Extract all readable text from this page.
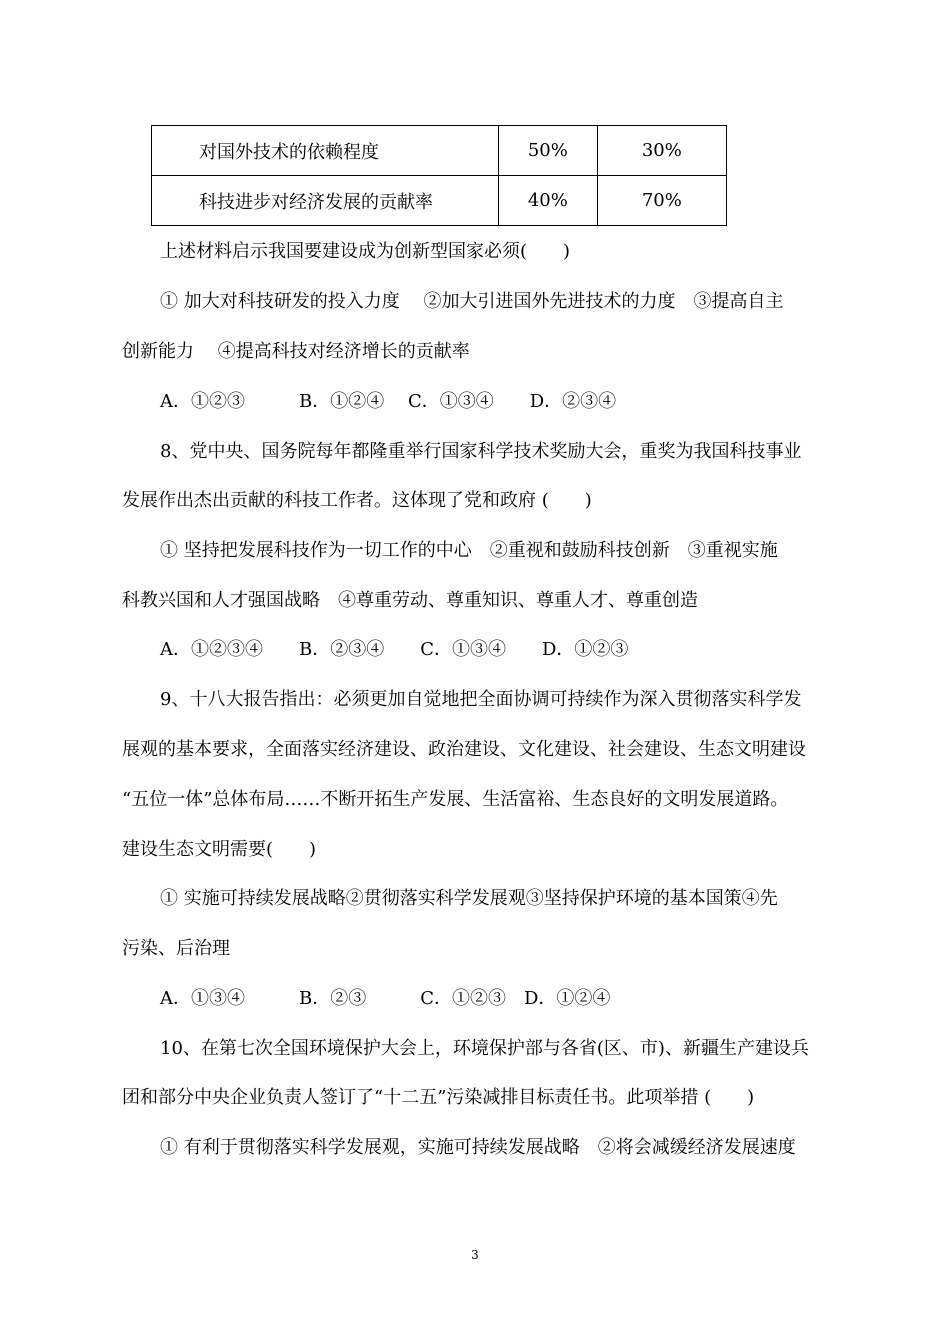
对国外技术的依赖程度	50%	30%
科技进步对经济发展的贡献率	40%	70%
上述材料启示我国要建设成为创新型国家必须(　　)
① 加大对科技研发的投入力度　 ②加大引进国外先进技术的力度　③提高自主
创新能力　 ④提高科技对经济增长的贡献率
A．①②③　　　B．①②④　 C．①③④　　D．②③④
8、党中央、国务院每年都隆重举行国家科学技术奖励大会，重奖为我国科技事业
发展作出杰出贡献的科技工作者。这体现了党和政府 (　　)
① 坚持把发展科技作为一切工作的中心　②重视和鼓励科技创新　③重视实施
科教兴国和人才强国战略　④尊重劳动、尊重知识、尊重人才、尊重创造
A．①②③④　　B．②③④　　C．①③④　　D．①②③
9、十八大报告指出：必须更加自觉地把全面协调可持续作为深入贯彻落实科学发
展观的基本要求，全面落实经济建设、政治建设、文化建设、社会建设、生态文明建设
“五位一体”总体布局……不断开拓生产发展、生活富裕、生态良好的文明发展道路。
建设生态文明需要(　　)
① 实施可持续发展战略②贯彻落实科学发展观③坚持保护环境的基本国策④先
污染、后治理
A．①③④　　　B．②③　　　C．①②③　D．①②④
10、在第七次全国环境保护大会上，环境保护部与各省(区、市)、新疆生产建设兵
团和部分中央企业负责人签订了“十二五”污染减排目标责任书。此项举措 (　　)
① 有利于贯彻落实科学发展观，实施可持续发展战略　②将会减缓经济发展速度
3
